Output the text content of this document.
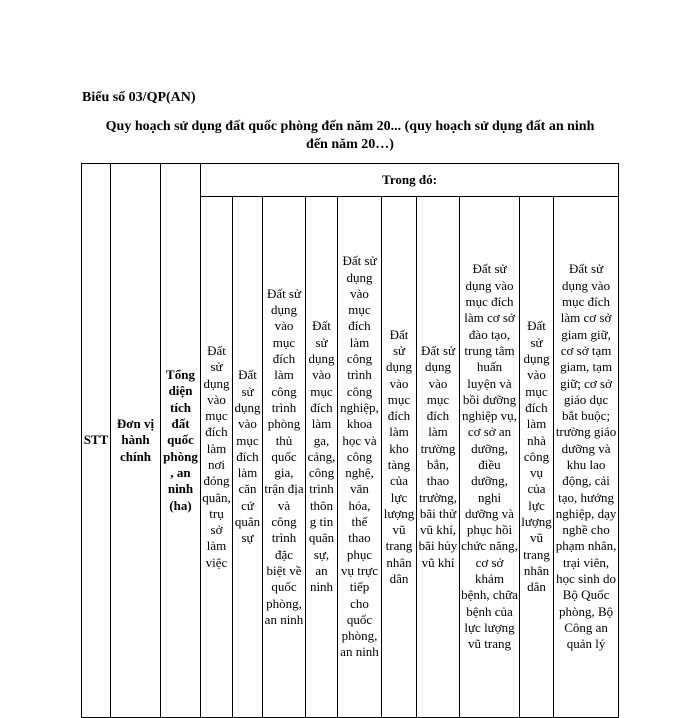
Biểu số 03/QP(AN)
Quy hoạch sử dụng đất quốc phòng đến năm 20... (quy hoạch sử dụng đất an ninh
đến năm 20…)
STT	Đơn vị hành chính	Tổng diện tích đất quốc phòng, an ninh (ha)	Trong đó:									
			Đất sử dụng vào mục đích làm nơi đóng quân, trụ sở làm việc	Đất sử dụng vào mục đích làm căn cứ quân sự	Đất sử dụng vào mục đích làm công trình phòng thủ quốc gia, trận địa và công trình đặc biệt về quốc phòng, an ninh	Đất sử dụng vào mục đích làm ga, cảng, công trình thông tin quân sự, an ninh	Đất sử dụng vào mục đích làm công trình công nghiệp, khoa học và công nghệ, văn hóa, thể thao phục vụ trực tiếp cho quốc phòng, an ninh	Đất sử dụng vào mục đích làm kho tàng của lực lượng vũ trang nhân dân	Đất sử dụng vào mục đích làm trường bắn, thao trường, bãi thử vũ khí, bãi hủy vũ khí	Đất sử dụng vào mục đích làm cơ sở đào tạo, trung tâm huấn luyện và bồi dưỡng nghiệp vụ, cơ sở an dưỡng, điều dưỡng, nghỉ dưỡng và phục hồi chức năng, cơ sở khám bệnh, chữa bệnh của lực lượng vũ trang	Đất sử dụng vào mục đích làm nhà công vụ của lực lượng vũ trang nhân dân	Đất sử dụng vào mục đích làm cơ sở giam giữ, cơ sở tạm giam, tạm giữ; cơ sở giáo dục bắt buộc; trường giáo dưỡng và khu lao động, cải tạo, hướng nghiệp, dạy nghề cho phạm nhân, trại viên, học sinh do Bộ Quốc phòng, Bộ Công an quản lý
